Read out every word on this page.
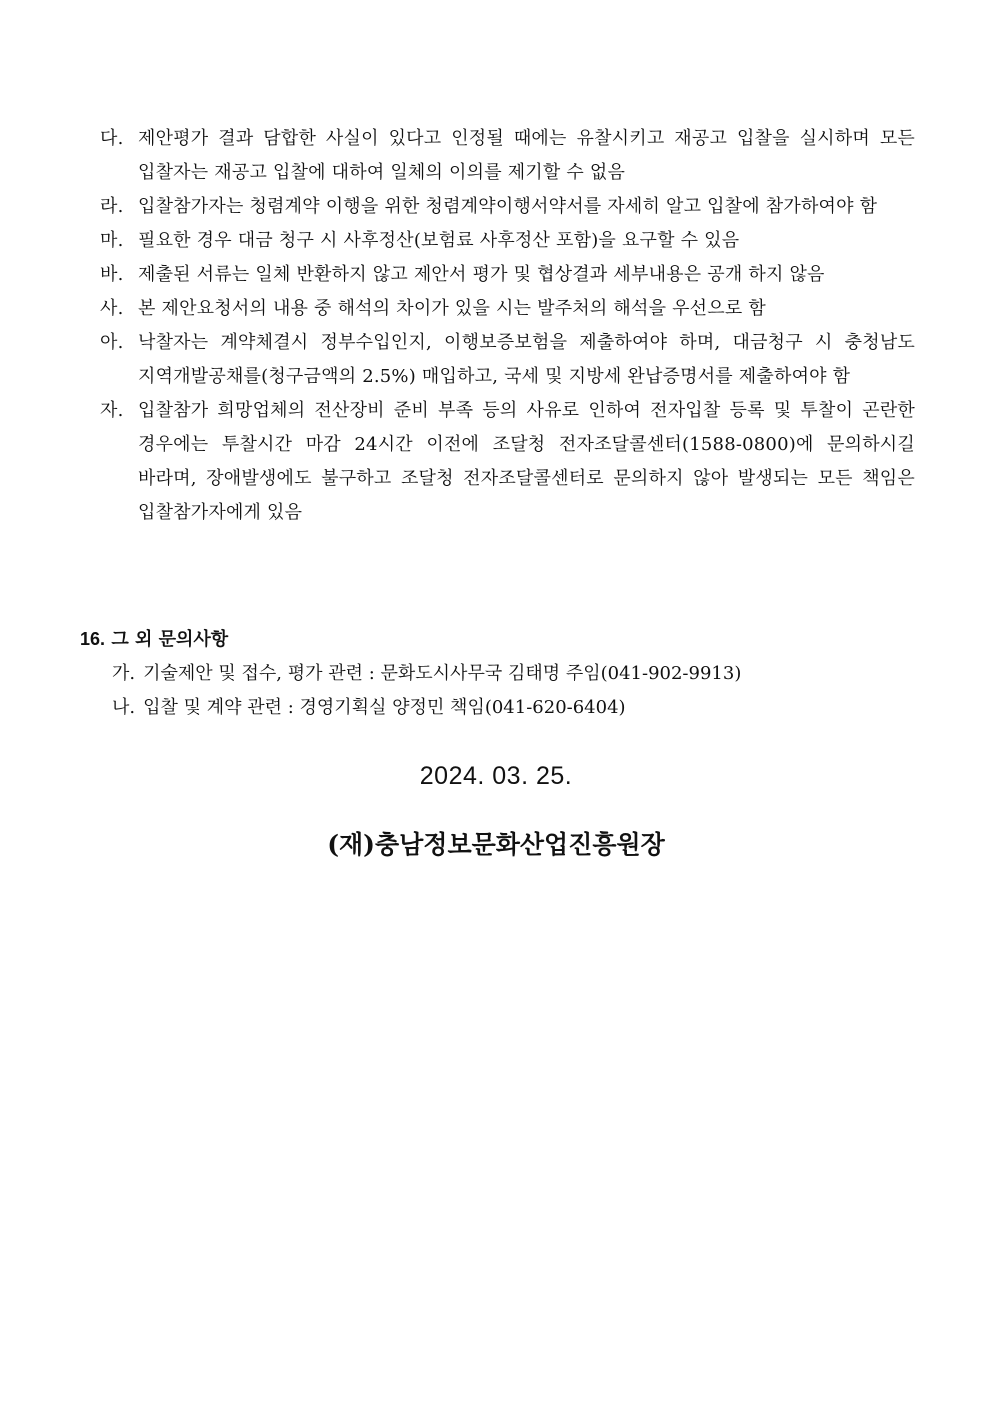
다. 제안평가 결과 담합한 사실이 있다고 인정될 때에는 유찰시키고 재공고 입찰을 실시하며 모든 입찰자는 재공고 입찰에 대하여 일체의 이의를 제기할 수 없음
라. 입찰참가자는 청렴계약 이행을 위한 청렴계약이행서약서를 자세히 알고 입찰에 참가하여야 함
마. 필요한 경우 대금 청구 시 사후정산(보험료 사후정산 포함)을 요구할 수 있음
바. 제출된 서류는 일체 반환하지 않고 제안서 평가 및 협상결과 세부내용은 공개 하지 않음
사. 본 제안요청서의 내용 중 해석의 차이가 있을 시는 발주처의 해석을 우선으로 함
아. 낙찰자는 계약체결시 정부수입인지, 이행보증보험을 제출하여야 하며, 대금청구 시 충청남도 지역개발공채를(청구금액의 2.5%) 매입하고, 국세 및 지방세 완납증명서를 제출하여야 함
자. 입찰참가 희망업체의 전산장비 준비 부족 등의 사유로 인하여 전자입찰 등록 및 투찰이 곤란한 경우에는 투찰시간 마감 24시간 이전에 조달청 전자조달콜센터(1588-0800)에 문의하시길 바라며, 장애발생에도 불구하고 조달청 전자조달콜센터로 문의하지 않아 발생되는 모든 책임은 입찰참가자에게 있음
16. 그 외 문의사항
가. 기술제안 및 접수, 평가 관련 : 문화도시사무국 김태명 주임(041-902-9913)
나. 입찰 및 계약 관련 : 경영기획실 양정민 책임(041-620-6404)
2024. 03. 25.
(재)충남정보문화산업진흥원장
